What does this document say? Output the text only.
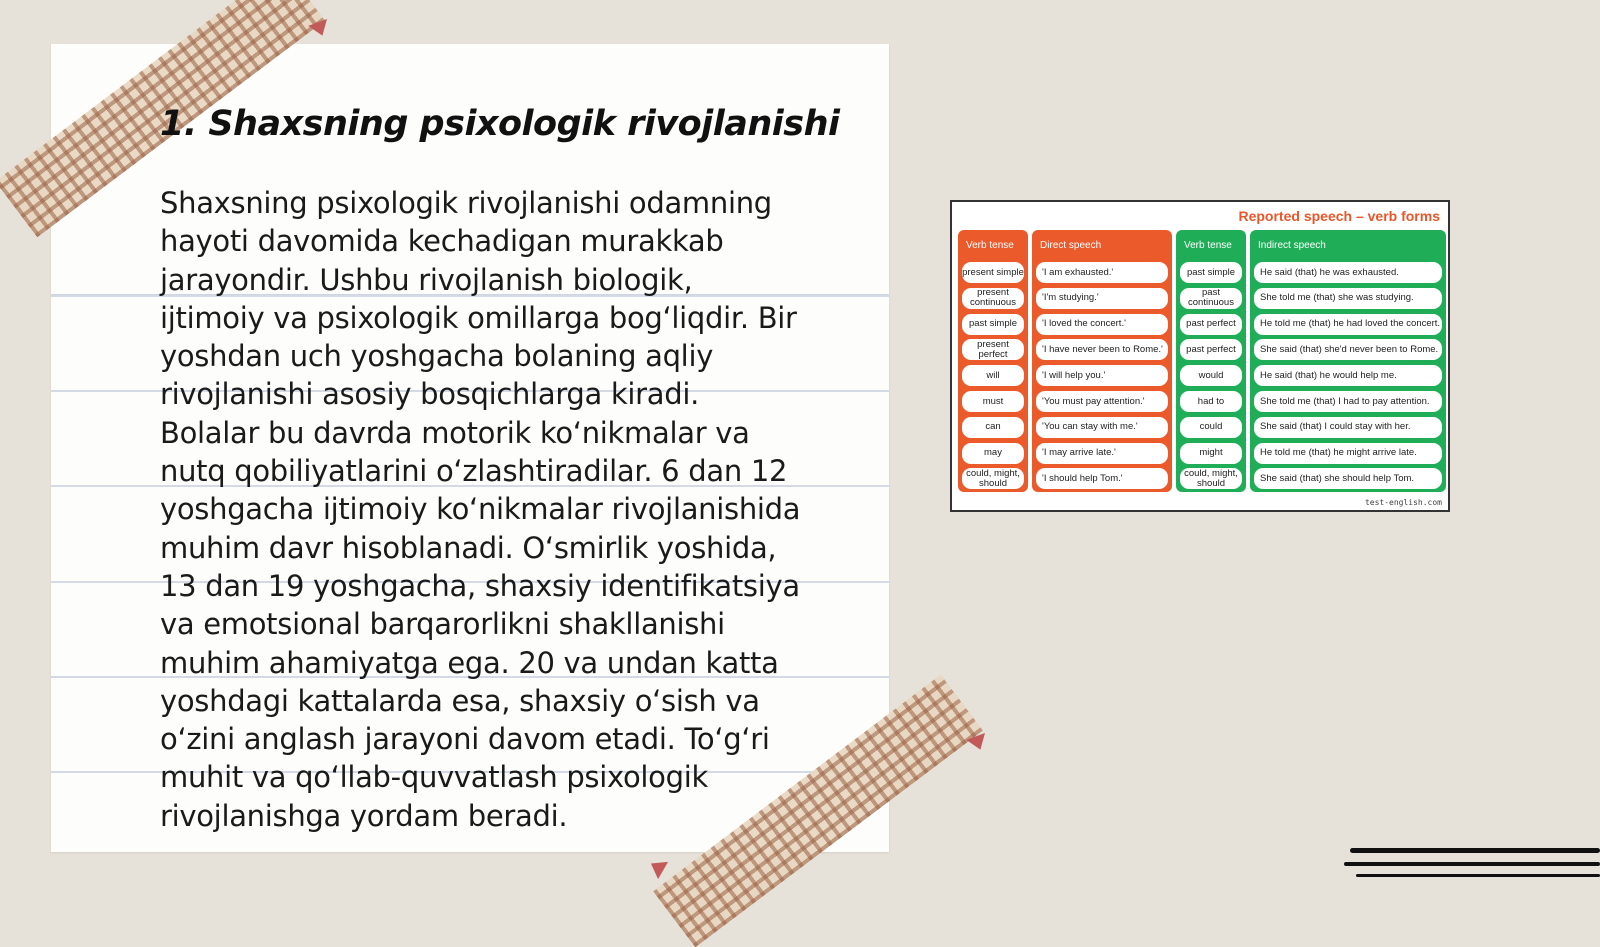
1. Shaxsning psixologik rivojlanishi
Shaxsning psixologik rivojlanishi odamning
hayoti davomida kechadigan murakkab
jarayondir. Ushbu rivojlanish biologik,
ijtimoiy va psixologik omillarga bog‘liqdir. Bir
yoshdan uch yoshgacha bolaning aqliy
rivojlanishi asosiy bosqichlarga kiradi.
Bolalar bu davrda motorik ko‘nikmalar va
nutq qobiliyatlarini o‘zlashtiradilar. 6 dan 12
yoshgacha ijtimoiy ko‘nikmalar rivojlanishida
muhim davr hisoblanadi. O‘smirlik yoshida,
13 dan 19 yoshgacha, shaxsiy identifikatsiya
va emotsional barqarorlikni shakllanishi
muhim ahamiyatga ega. 20 va undan katta
yoshdagi kattalarda esa, shaxsiy o‘sish va
o‘zini anglash jarayoni davom etadi. To‘g‘ri
muhit va qo‘llab-quvvatlash psixologik
rivojlanishga yordam beradi.
Reported speech – verb forms
test-english.com
Verb tense
present simple
present continuous
past simple
present perfect
will
must
can
may
could, might, should
Direct speech
'I am exhausted.'
'I'm studying.'
'I loved the concert.'
'I have never been to Rome.'
'I will help you.'
'You must pay attention.'
'You can stay with me.'
'I may arrive late.'
'I should help Tom.'
Verb tense
past simple
past continuous
past perfect
past perfect
would
had to
could
might
could, might, should
Indirect speech
He said (that) he was exhausted.
She told me (that) she was studying.
He told me (that) he had loved the concert.
She said (that) she'd never been to Rome.
He said (that) he would help me.
She told me (that) I had to pay attention.
She said (that) I could stay with her.
He told me (that) he might arrive late.
She said (that) she should help Tom.
